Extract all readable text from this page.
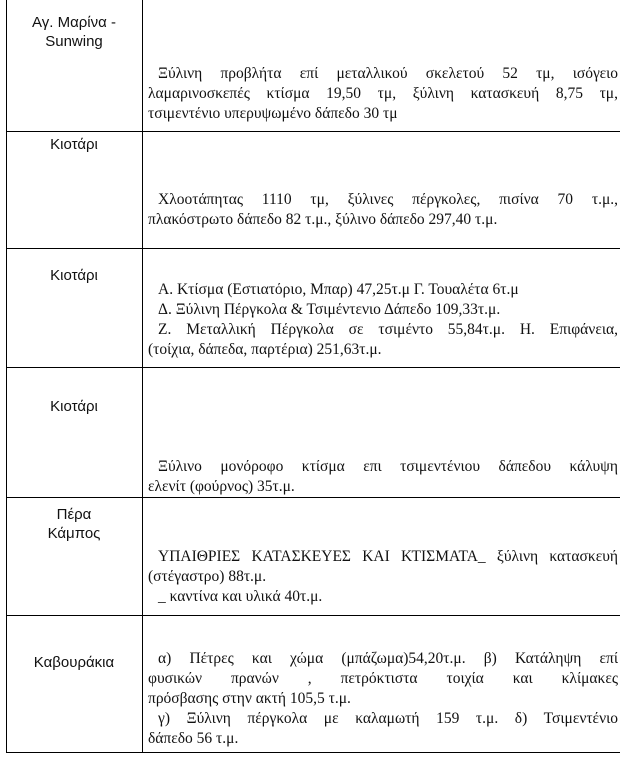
Αγ. Μαρίνα - Sunwing
Ξύλινη προβλήτα επί μεταλλικού σκελετού 52 τμ, ισόγειο
λαμαρινοσκεπές κτίσμα 19,50 τμ, ξύλινη κατασκευή 8,75 τμ,
τσιμεντένιο υπερυψωμένο δάπεδο 30 τμ
Κιοτάρι
Χλοοτάπητας 1110 τμ, ξύλινες πέργκολες, πισίνα 70 τ.μ.,
πλακόστρωτο δάπεδο 82 τ.μ., ξύλινο δάπεδο 297,40 τ.μ.
Κιοτάρι
Α. Κτίσμα (Εστιατόριο, Μπαρ) 47,25τ.μ Γ. Τουαλέτα 6τ.μ
Δ. Ξύλινη Πέργκολα & Τσιμέντενιο Δάπεδο 109,33τ.μ.
Ζ. Μεταλλική Πέργκολα σε τσιμέντο 55,84τ.μ. Η. Επιφάνεια,
(τοίχια, δάπεδα, παρτέρια) 251,63τ.μ.
Κιοτάρι
Ξύλινο μονόροφο κτίσμα επι τσιμεντένιου δάπεδου κάλυψη
ελενίτ (φούρνος) 35τ.μ.
Πέρα Κάμπος
ΥΠΑΙΘΡΙΕΣ ΚΑΤΑΣΚΕΥΕΣ ΚΑΙ ΚΤΙΣΜΑΤΑ_ ξύλινη κατασκευή
(στέγαστρο) 88τ.μ.
_ καντίνα και υλικά 40τ.μ.
Καβουράκια	α) Πέτρες και χώμα (μπάζωμα)54,20τ.μ. β) Κατάληψη επί
φυσικών πρανών , πετρόκτιστα τοιχία και κλίμακες
πρόσβασης στην ακτή 105,5 τ.μ.
γ) Ξύλινη πέργκολα με καλαμωτή 159 τ.μ. δ) Τσιμεντένιο
δάπεδο 56 τ.μ.
